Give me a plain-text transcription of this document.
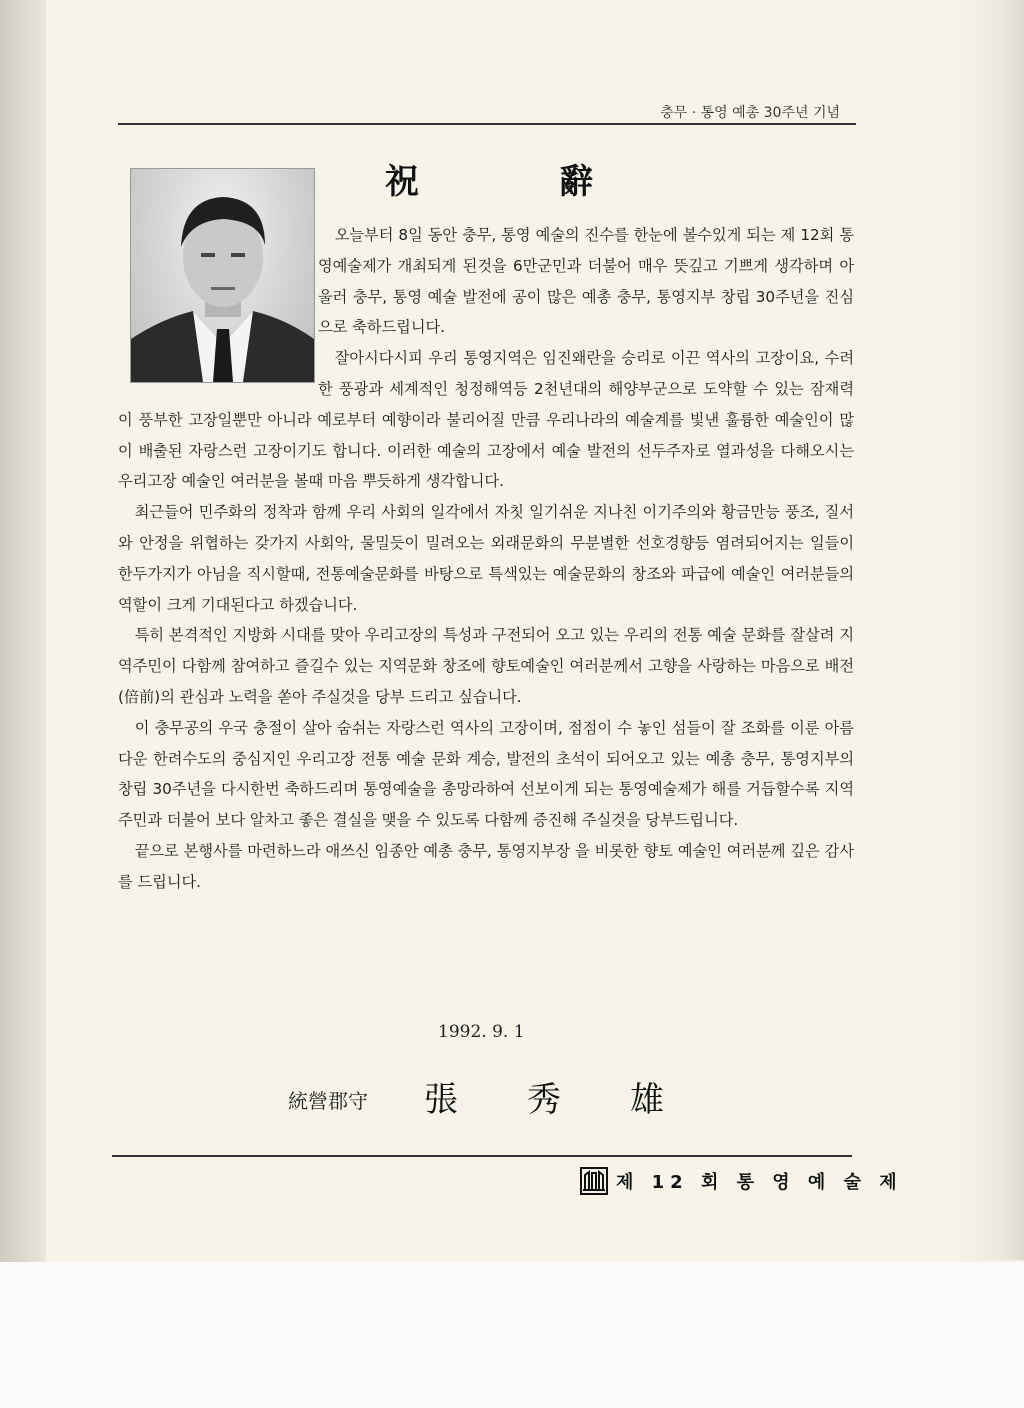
충무 · 통영 예총 30주년 기념
祝	辭

오늘부터 8일 동안 충무, 통영 예술의 진수를 한눈에 볼수있게 되는 제 12회 통영예술제가 개최되게 된것을 6만군민과 더불어 매우 뜻깊고 기쁘게 생각하며 아울러 충무, 통영 예술 발전에 공이 많은 예총 충무, 통영지부 창립 30주년을 진심으로 축하드립니다.

잘아시다시피 우리 통영지역은 임진왜란을 승리로 이끈 역사의 고장이요, 수려한 풍광과 세계적인 청정해역등 2천년대의 해양부군으로 도약할 수 있는 잠재력이 풍부한 고장일뿐만 아니라 예로부터 예향이라 불리어질 만큼 우리나라의 예술계를 빛낸 훌륭한 예술인이 많이 배출된 자랑스런 고장이기도 합니다. 이러한 예술의 고장에서 예술 발전의 선두주자로 열과성을 다해오시는 우리고장 예술인 여러분을 볼때 마음 뿌듯하게 생각합니다.

최근들어 민주화의 정착과 함께 우리 사회의 일각에서 자칫 일기쉬운 지나친 이기주의와 황금만능 풍조, 질서와 안정을 위협하는 갖가지 사회악, 물밀듯이 밀려오는 외래문화의 무분별한 선호경향등 염려되어지는 일들이 한두가지가 아님을 직시할때, 전통예술문화를 바탕으로 특색있는 예술문화의 창조와 파급에 예술인 여러분들의 역할이 크게 기대된다고 하겠습니다.

특히 본격적인 지방화 시대를 맞아 우리고장의 특성과 구전되어 오고 있는 우리의 전통 예술 문화를 잘살려 지역주민이 다함께 참여하고 즐길수 있는 지역문화 창조에 향토예술인 여러분께서 고향을 사랑하는 마음으로 배전(倍前)의 관심과 노력을 쏟아 주실것을 당부 드리고 싶습니다.

이 충무공의 우국 충절이 살아 숨쉬는 자랑스런 역사의 고장이며, 점점이 수 놓인 섬들이 잘 조화를 이룬 아름다운 한려수도의 중심지인 우리고장 전통 예술 문화 계승, 발전의 초석이 되어오고 있는 예총 충무, 통영지부의 창립 30주년을 다시한번 축하드리며 통영예술을 총망라하여 선보이게 되는 통영예술제가 해를 거듭할수록 지역주민과 더불어 보다 알차고 좋은 결실을 맺을 수 있도록 다함께 증진해 주실것을 당부드립니다.

끝으로 본행사를 마련하느라 애쓰신 임종안 예총 충무, 통영지부장 을 비롯한 향토 예술인 여러분께 깊은 감사를 드립니다.

1992. 9. 1
統營郡守 張 秀 雄
제 12 회 통 영 예 술 제
